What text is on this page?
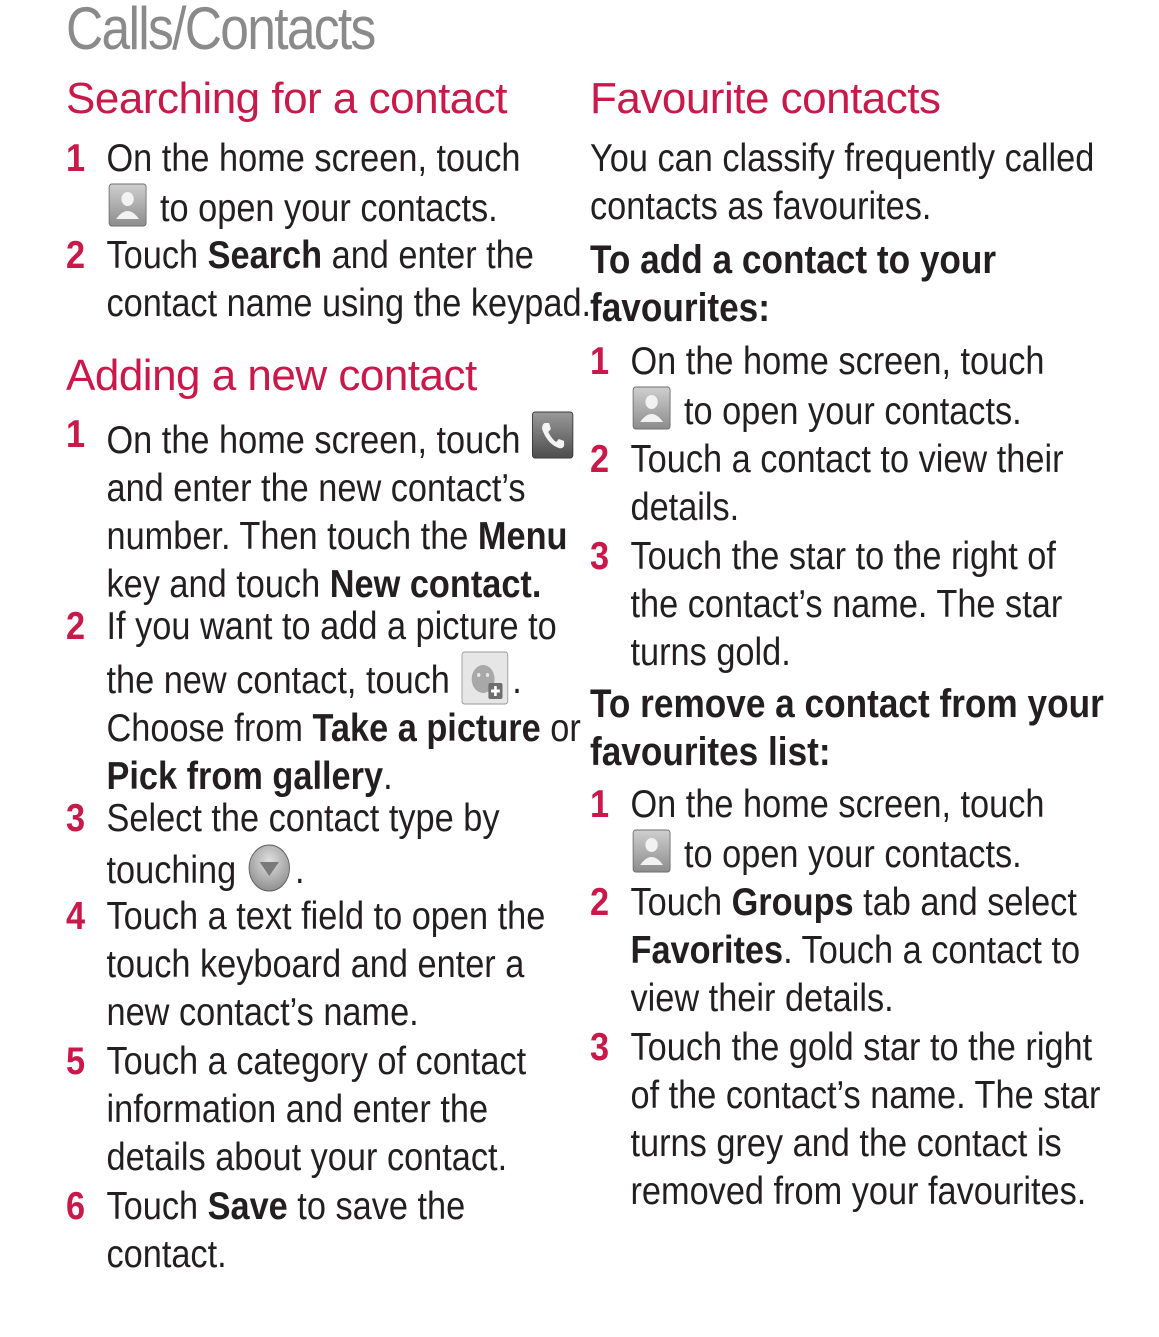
Calls/Contacts
Searching for a contact
1 On the home screen, touch

to open your contacts.
2 Touch Search and enter the
contact name using the keypad.
Adding a new contact
1 On the home screen, touch

and enter the new contact’s
number. Then touch the Menu
key and touch New contact.
2 If you want to add a picture to
the new contact, touch
.
Choose from Take a picture or
Pick from gallery.
3 Select the contact type by
touching
.
4 Touch a text field to open the
touch keyboard and enter a
new contact’s name.
5 Touch a category of contact
information and enter the
details about your contact.
6 Touch Save to save the
contact.
Favourite contacts
You can classify frequently called
contacts as favourites.
To add a contact to your
favourites:
1 On the home screen, touch

to open your contacts.
2 Touch a contact to view their
details.
3 Touch the star to the right of
the contact’s name. The star
turns gold.
To remove a contact from your
favourites list:
1 On the home screen, touch

to open your contacts.
2 Touch Groups tab and select
Favorites. Touch a contact to
view their details.
3 Touch the gold star to the right
of the contact’s name. The star
turns grey and the contact is
removed from your favourites.
